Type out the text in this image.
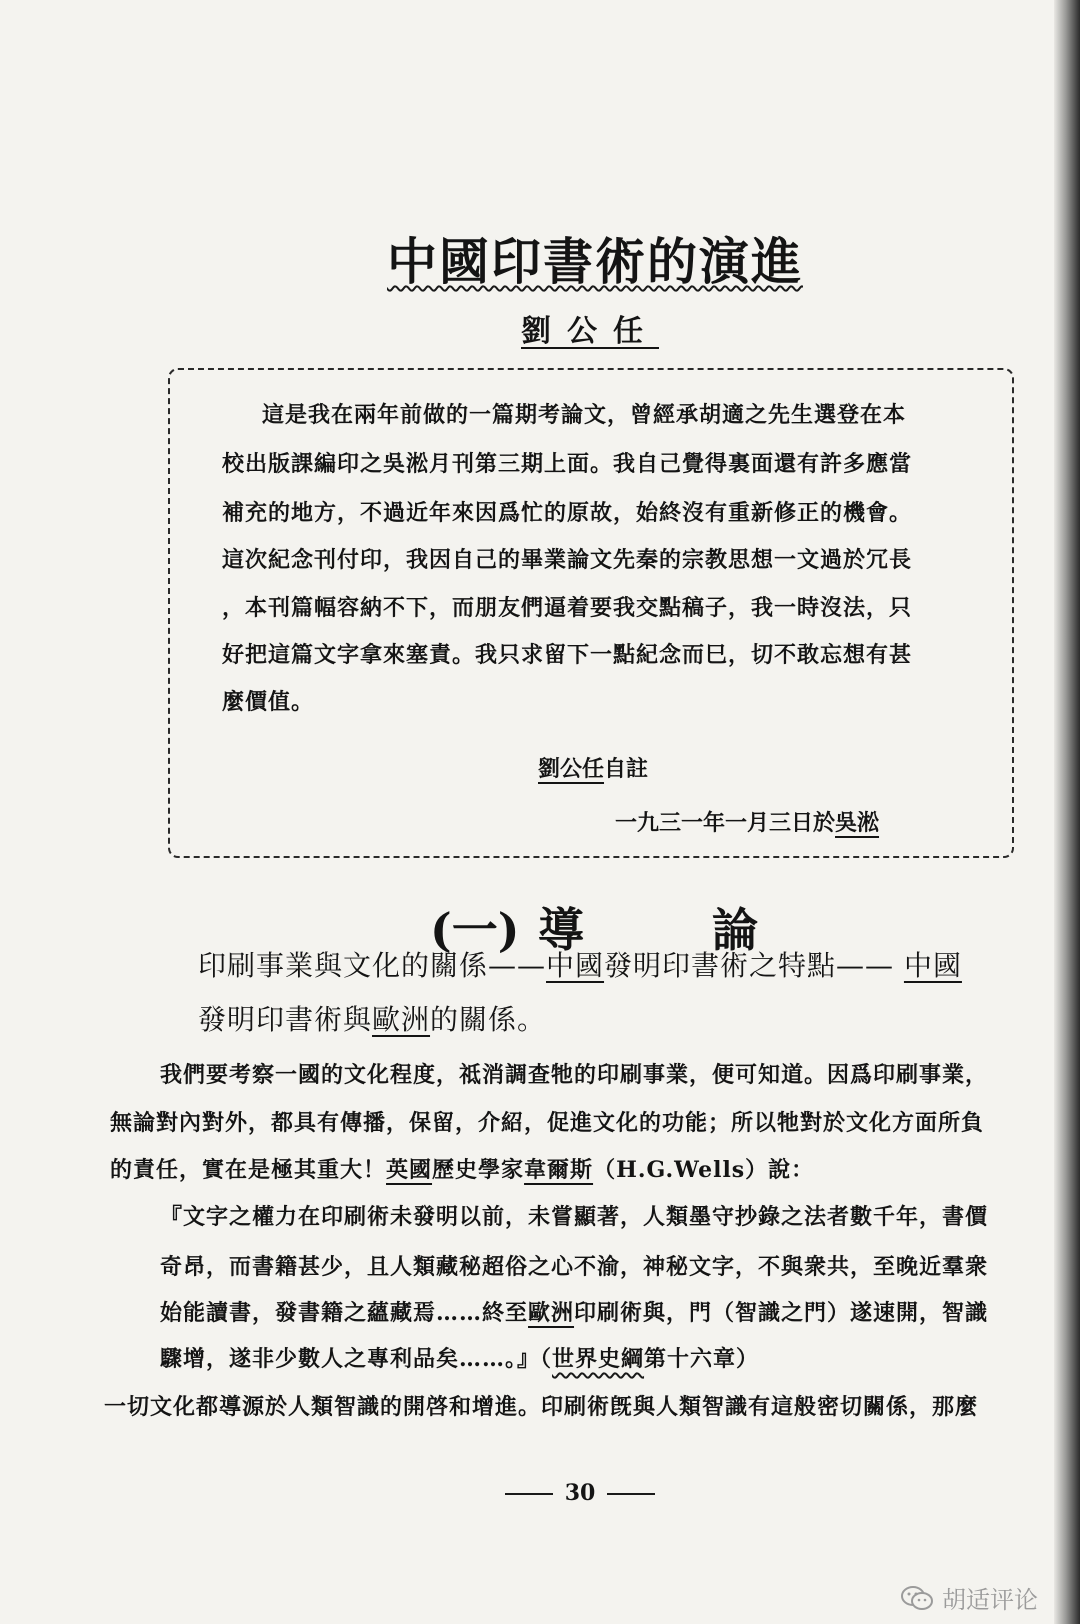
中國印書術的演進
劉公任
這是我在兩年前做的一篇期考論文，曾經承胡適之先生選登在本
校出版課編印之吳淞月刊第三期上面。我自己覺得裏面還有許多應當
補充的地方，不過近年來因爲忙的原故，始終沒有重新修正的機會。
這次紀念刊付印，我因自己的畢業論文先秦的宗教思想一文過於冗長
，本刊篇幅容納不下，而朋友們逼着要我交點稿子，我一時沒法，只
好把這篇文字拿來塞責。我只求留下一點紀念而巳，切不敢忘想有甚
麼價值。
劉公任自註
一九三一年一月三日於吳淞
(一) 導	論
印刷事業與文化的關係——中國發明印書術之特點—— 中國
發明印書術與歐洲的關係。
我們要考察一國的文化程度，祗消調查牠的印刷事業，便可知道。因爲印刷事業，
無論對內對外，都具有傳播，保留，介紹，促進文化的功能；所以牠對於文化方面所負
的責任，實在是極其重大！英國歷史學家韋爾斯（H.G.Wells）說：
『文字之權力在印刷術未發明以前，未嘗顯著，人類墨守抄錄之法者數千年，書價
奇昂，而書籍甚少，且人類藏秘超俗之心不渝，神秘文字，不與衆共，至晚近羣衆
始能讀書，發書籍之蘊藏焉……終至歐洲印刷術與，門（智識之門）遂速開，智識
驟增，遂非少數人之專利品矣……。』（世界史綱第十六章）
一切文化都導源於人類智識的開啓和增進。印刷術旣與人類智識有這般密切關係，那麼
30
胡适评论
